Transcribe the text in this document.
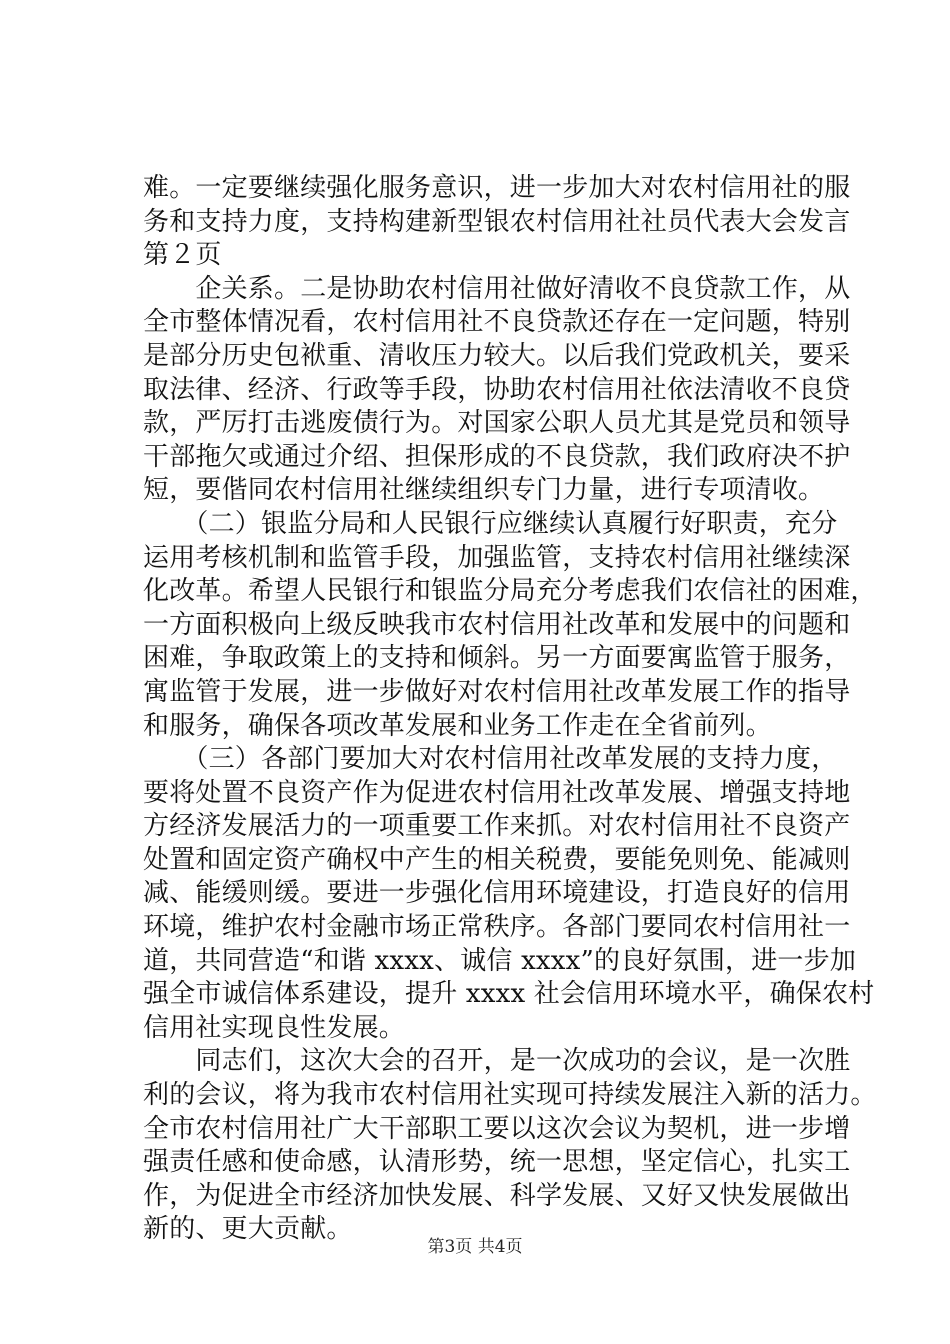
难。一定要继续强化服务意识，进一步加大对农村信用社的服
务和支持力度，支持构建新型银农村信用社社员代表大会发言
第２页
　　企关系。二是协助农村信用社做好清收不良贷款工作，从
全市整体情况看，农村信用社不良贷款还存在一定问题，特别
是部分历史包袱重、清收压力较大。以后我们党政机关，要采
取法律、经济、行政等手段，协助农村信用社依法清收不良贷
款，严厉打击逃废债行为。对国家公职人员尤其是党员和领导
干部拖欠或通过介绍、担保形成的不良贷款，我们政府决不护
短，要偕同农村信用社继续组织专门力量，进行专项清收。
　　（二）银监分局和人民银行应继续认真履行好职责，充分
运用考核机制和监管手段，加强监管，支持农村信用社继续深
化改革。希望人民银行和银监分局充分考虑我们农信社的困难，
一方面积极向上级反映我市农村信用社改革和发展中的问题和
困难，争取政策上的支持和倾斜。另一方面要寓监管于服务，
寓监管于发展，进一步做好对农村信用社改革发展工作的指导
和服务，确保各项改革发展和业务工作走在全省前列。
　　（三）各部门要加大对农村信用社改革发展的支持力度，
要将处置不良资产作为促进农村信用社改革发展、增强支持地
方经济发展活力的一项重要工作来抓。对农村信用社不良资产
处置和固定资产确权中产生的相关税费，要能免则免、能减则
减、能缓则缓。要进一步强化信用环境建设，打造良好的信用
环境，维护农村金融市场正常秩序。各部门要同农村信用社一
道，共同营造“和谐 xxxx、诚信 xxxx”的良好氛围，进一步加
强全市诚信体系建设，提升 xxxx 社会信用环境水平，确保农村
信用社实现良性发展。
　　同志们，这次大会的召开，是一次成功的会议，是一次胜
利的会议，将为我市农村信用社实现可持续发展注入新的活力。
全市农村信用社广大干部职工要以这次会议为契机，进一步增
强责任感和使命感，认清形势，统一思想，坚定信心，扎实工
作，为促进全市经济加快发展、科学发展、又好又快发展做出
新的、更大贡献。
第3页 共4页
